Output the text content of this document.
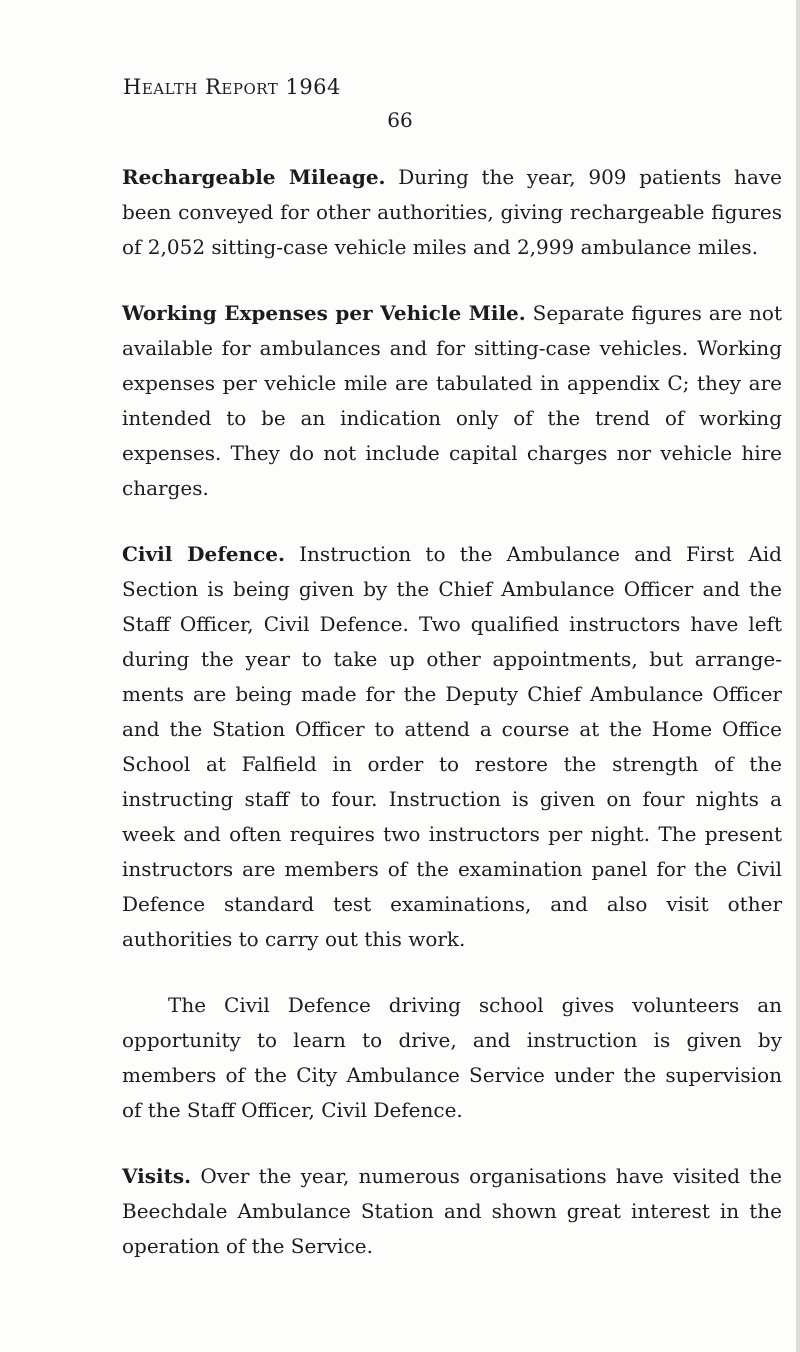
Health Report 1964
66

Rechargeable Mileage. During the year, 909 patients have been conveyed for other authorities, giving rechargeable figures of 2,052 sitting-case vehicle miles and 2,999 ambulance miles.

Working Expenses per Vehicle Mile. Separate figures are not available for ambulances and for sitting-case vehicles. Working expenses per vehicle mile are tabulated in appendix C; they are intended to be an indication only of the trend of working expenses. They do not include capital charges nor vehicle hire charges.

Civil Defence. Instruction to the Ambulance and First Aid Section is being given by the Chief Ambulance Officer and the Staff Officer, Civil Defence. Two qualified instructors have left during the year to take up other appointments, but arrange- ments are being made for the Deputy Chief Ambulance Officer and the Station Officer to attend a course at the Home Office School at Falfield in order to restore the strength of the instructing staff to four. Instruction is given on four nights a week and often requires two instructors per night. The present instructors are members of the examination panel for the Civil Defence standard test examinations, and also visit other authorities to carry out this work.

The Civil Defence driving school gives volunteers an opportunity to learn to drive, and instruction is given by members of the City Ambulance Service under the supervision of the Staff Officer, Civil Defence.

Visits. Over the year, numerous organisations have visited the Beechdale Ambulance Station and shown great interest in the operation of the Service.
